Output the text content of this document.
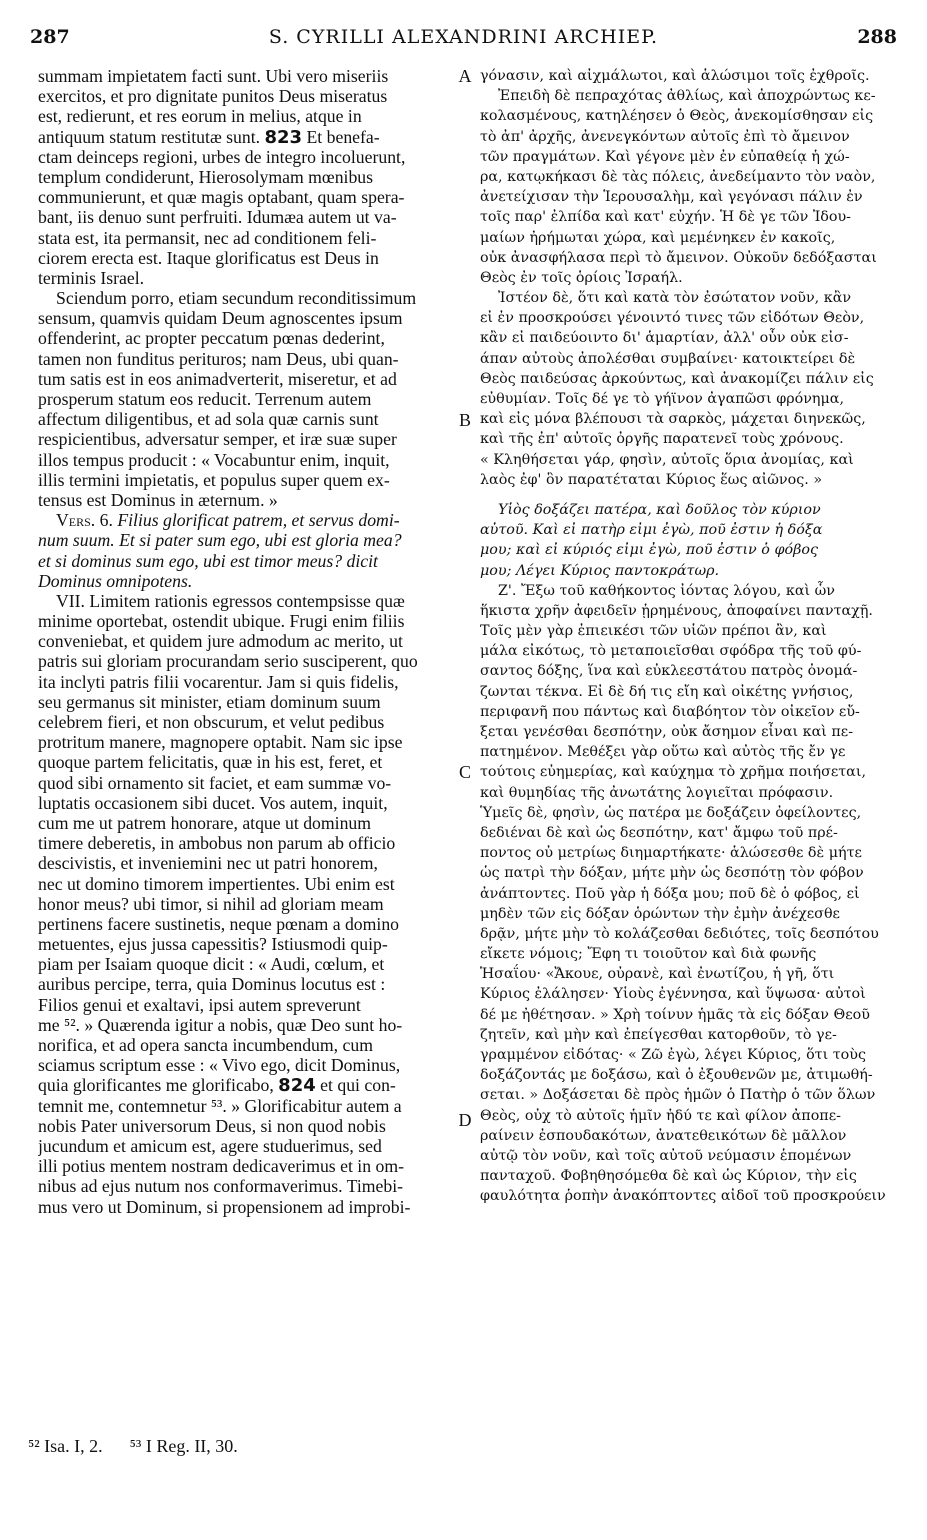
287	S. CYRILLI ALEXANDRINI ARCHIEP.	288
summam impietatem facti sunt. Ubi vero miseriis
exercitos, et pro dignitate punitos Deus miseratus
est, redierunt, et res eorum in melius, atque in
antiquum statum restitutæ sunt. 823 Et benefa-
ctam deinceps regioni, urbes de integro incoluerunt,
templum condiderunt, Hierosolymam mœnibus
communierunt, et quæ magis optabant, quam spera-
bant, iis denuo sunt perfruiti. Idumæa autem ut va-
stata est, ita permansit, nec ad conditionem feli-
ciorem erecta est. Itaque glorificatus est Deus in
terminis Israel.
Sciendum porro, etiam secundum reconditissimum
sensum, quamvis quidam Deum agnoscentes ipsum
offenderint, ac propter peccatum pœnas dederint,
tamen non funditus perituros; nam Deus, ubi quan-
tum satis est in eos animadverterit, miseretur, et ad
prosperum statum eos reducit. Terrenum autem
affectum diligentibus, et ad sola quæ carnis sunt
respicientibus, adversatur semper, et iræ suæ super
illos tempus producit : « Vocabuntur enim, inquit,
illis termini impietatis, et populus super quem ex-
tensus est Dominus in æternum. »
Vers. 6. Filius glorificat patrem, et servus domi-
num suum. Et si pater sum ego, ubi est gloria mea?
et si dominus sum ego, ubi est timor meus? dicit
Dominus omnipotens.
VII. Limitem rationis egressos contempsisse quæ
minime oportebat, ostendit ubique. Frugi enim filiis
conveniebat, et quidem jure admodum ac merito, ut
patris sui gloriam procurandam serio susciperent, quo
ita inclyti patris filii vocarentur. Jam si quis fidelis,
seu germanus sit minister, etiam dominum suum
celebrem fieri, et non obscurum, et velut pedibus
protritum manere, magnopere optabit. Nam sic ipse
quoque partem felicitatis, quæ in his est, feret, et
quod sibi ornamento sit faciet, et eam summæ vo-
luptatis occasionem sibi ducet. Vos autem, inquit,
cum me ut patrem honorare, atque ut dominum
timere deberetis, in ambobus non parum ab officio
descivistis, et inveniemini nec ut patri honorem,
nec ut domino timorem impertientes. Ubi enim est
honor meus? ubi timor, si nihil ad gloriam meam
pertinens facere sustinetis, neque pœnam a domino
metuentes, ejus jussa capessitis? Istiusmodi quip-
piam per Isaiam quoque dicit : « Audi, cœlum, et
auribus percipe, terra, quia Dominus locutus est :
Filios genui et exaltavi, ipsi autem spreverunt
me ⁵². » Quærenda igitur a nobis, quæ Deo sunt ho-
norifica, et ad opera sancta incumbendum, cum
sciamus scriptum esse : « Vivo ego, dicit Dominus,
quia glorificantes me glorificabo, 824 et qui con-
temnit me, contemnetur ⁵³. » Glorificabitur autem a
nobis Pater universorum Deus, si non quod nobis
jucundum et amicum est, agere studuerimus, sed
illi potius mentem nostram dedicaverimus et in om-
nibus ad ejus nutum nos conformaverimus. Timebi-
mus vero ut Dominum, si propensionem ad improbi-
A
B
C
D
γόνασιν, καὶ αἰχμάλωτοι, καὶ ἁλώσιμοι τοῖς ἐχθροῖς.
Ἐπειδὴ δὲ πεπραχότας ἀθλίως, καὶ ἀποχρώντως κε-
κολασμένους, κατηλέησεν ὁ Θεὸς, ἀνεκομίσθησαν εἰς
τὸ ἀπ' ἀρχῆς, ἀνενεγκόντων αὐτοῖς ἐπὶ τὸ ἄμεινον
τῶν πραγμάτων. Καὶ γέγονε μὲν ἐν εὐπαθείᾳ ἡ χώ-
ρα, κατῳκήκασι δὲ τὰς πόλεις, ἀνεδείμαντο τὸν ναὸν,
ἀνετείχισαν τὴν Ἱερουσαλὴμ, καὶ γεγόνασι πάλιν ἐν
τοῖς παρ' ἐλπίδα καὶ κατ' εὐχήν. Ἡ δὲ γε τῶν Ἰδου-
μαίων ἠρήμωται χώρα, καὶ μεμένηκεν ἐν κακοῖς,
οὐκ ἀνασφήλασα περὶ τὸ ἄμεινον. Οὐκοῦν δεδόξασται
Θεὸς ἐν τοῖς ὁρίοις Ἰσραήλ.
Ἰστέον δὲ, ὅτι καὶ κατὰ τὸν ἐσώτατον νοῦν, κἂν
εἰ ἐν προσκρούσει γένοιντό τινες τῶν εἰδότων Θεὸν,
κἂν εἰ παιδεύοιντο δι' ἁμαρτίαν, ἀλλ' οὖν οὐκ εἰσ-
άπαν αὐτοὺς ἀπολέσθαι συμβαίνει· κατοικτείρει δὲ
Θεὸς παιδεύσας ἀρκούντως, καὶ ἀνακομίζει πάλιν εἰς
εὐθυμίαν. Τοῖς δέ γε τὸ γήϊνον ἀγαπῶσι φρόνημα,
καὶ εἰς μόνα βλέπουσι τὰ σαρκὸς, μάχεται διηνεκῶς,
καὶ τῆς ἐπ' αὐτοῖς ὀργῆς παρατενεῖ τοὺς χρόνους.
« Κληθήσεται γάρ, φησὶν, αὐτοῖς ὅρια ἀνομίας, καὶ
λαὸς ἐφ' ὃν παρατέταται Κύριος ἕως αἰῶνος. »
Υἱὸς δοξάζει πατέρα, καὶ δοῦλος τὸν κύριον
αὐτοῦ. Καὶ εἰ πατὴρ εἰμι ἐγὼ, ποῦ ἐστιν ἡ δόξα
μου; καὶ εἰ κύριός εἰμι ἐγὼ, ποῦ ἐστιν ὁ φόβος
μου; Λέγει Κύριος παντοκράτωρ.
Ζ'. Ἔξω τοῦ καθήκοντος ἰόντας λόγου, καὶ ὧν
ἥκιστα χρῆν ἀφειδεῖν ᾑρημένους, ἀποφαίνει πανταχῇ.
Τοῖς μὲν γὰρ ἐπιεικέσι τῶν υἱῶν πρέποι ἂν, καὶ
μάλα εἰκότως, τὸ μεταποιεῖσθαι σφόδρα τῆς τοῦ φύ-
σαντος δόξης, ἵνα καὶ εὐκλεεστάτου πατρὸς ὀνομά-
ζωνται τέκνα. Εἰ δὲ δή τις εἴη καὶ οἰκέτης γνήσιος,
περιφανῆ που πάντως καὶ διαβόητον τὸν οἰκεῖον εὔ-
ξεται γενέσθαι δεσπότην, οὐκ ἄσημον εἶναι καὶ πε-
πατημένον. Μεθέξει γὰρ οὕτω καὶ αὐτὸς τῆς ἔν γε
τούτοις εὐημερίας, καὶ καύχημα τὸ χρῆμα ποιήσεται,
καὶ θυμηδίας τῆς ἀνωτάτης λογιεῖται πρόφασιν.
Ὑμεῖς δὲ, φησὶν, ὡς πατέρα με δοξάζειν ὀφείλοντες,
δεδιέναι δὲ καὶ ὡς δεσπότην, κατ' ἄμφω τοῦ πρέ-
ποντος οὐ μετρίως διημαρτήκατε· ἁλώσεσθε δὲ μήτε
ὡς πατρὶ τὴν δόξαν, μήτε μὴν ὡς δεσπότῃ τὸν φόβον
ἀνάπτοντες. Ποῦ γὰρ ἡ δόξα μου; ποῦ δὲ ὁ φόβος, εἰ
μηδὲν τῶν εἰς δόξαν ὁρώντων τὴν ἐμὴν ἀνέχεσθε
δρᾷν, μήτε μὴν τὸ κολάζεσθαι δεδιότες, τοῖς δεσπότου
εἴκετε νόμοις; Ἔφη τι τοιοῦτον καὶ διὰ φωνῆς
Ἡσαΐου· «Ἄκουε, οὐρανὲ, καὶ ἐνωτίζου, ἡ γῆ, ὅτι
Κύριος ἐλάλησεν· Υἱοὺς ἐγέννησα, καὶ ὕψωσα· αὐτοὶ
δέ με ἠθέτησαν. » Χρὴ τοίνυν ἡμᾶς τὰ εἰς δόξαν Θεοῦ
ζητεῖν, καὶ μὴν καὶ ἐπείγεσθαι κατορθοῦν, τὸ γε-
γραμμένον εἰδότας· « Ζῶ ἐγὼ, λέγει Κύριος, ὅτι τοὺς
δοξάζοντάς με δοξάσω, καὶ ὁ ἐξουθενῶν με, ἀτιμωθή-
σεται. » Δοξάσεται δὲ πρὸς ἡμῶν ὁ Πατὴρ ὁ τῶν ὅλων
Θεὸς, οὐχ τὸ αὐτοῖς ἡμῖν ἡδύ τε καὶ φίλον ἀποπε-
ραίνειν ἐσπουδακότων, ἀνατεθεικότων δὲ μᾶλλον
αὐτῷ τὸν νοῦν, καὶ τοῖς αὐτοῦ νεύμασιν ἑπομένων
πανταχοῦ. Φοβηθησόμεθα δὲ καὶ ὡς Κύριον, τὴν εἰς
φαυλότητα ῥοπὴν ἀνακόπτοντες αἰδοῖ τοῦ προσκρούειν
⁵² Isa. I, 2. ⁵³ I Reg. II, 30.
